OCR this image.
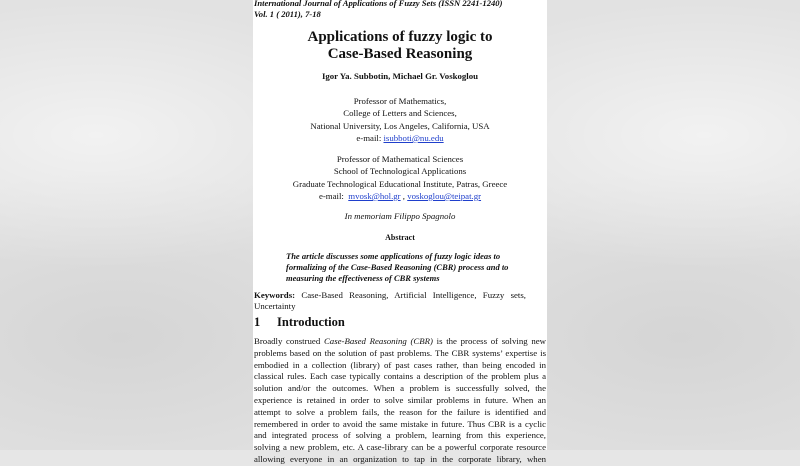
International Journal of Applications of Fuzzy Sets (ISSN 2241-1240)
Vol. 1 ( 2011), 7-18
Applications of fuzzy logic to
Case-Based Reasoning
Igor Ya. Subbotin, Michael Gr. Voskoglou
Professor of Mathematics,
College of Letters and Sciences,
National University, Los Angeles, California, USA
e-mail: isubboti@nu.edu
Professor of Mathematical Sciences
School of Technological Applications
Graduate Technological Educational Institute, Patras, Greece
e-mail:  mvosk@hol.gr , voskoglou@teipat.gr
In memoriam Filippo Spagnolo
Abstract
The article discusses some applications of fuzzy logic ideas to
formalizing of the Case-Based Reasoning (CBR) process and to
measuring the effectiveness of CBR systems
Keywords: Case-Based Reasoning, Artificial Intelligence, Fuzzy sets,
Uncertainty
1 Introduction
Broadly construed Case-Based Reasoning (CBR) is the process of solving new
problems based on the solution of past problems. The CBR systems’ expertise is
embodied in a collection (library) of past cases rather, than being encoded in
classical rules. Each case typically contains a description of the problem plus a
solution and/or the outcomes. When a problem is successfully solved, the
experience is retained in order to solve similar problems in future. When an
attempt to solve a problem fails, the reason for the failure is identified and
remembered in order to avoid the same mistake in future. Thus CBR is a cyclic
and integrated process of solving a problem, learning from this experience,
solving a new problem, etc. A case-library can be a powerful corporate resource
allowing everyone in an organization to tap in the corporate library, when
